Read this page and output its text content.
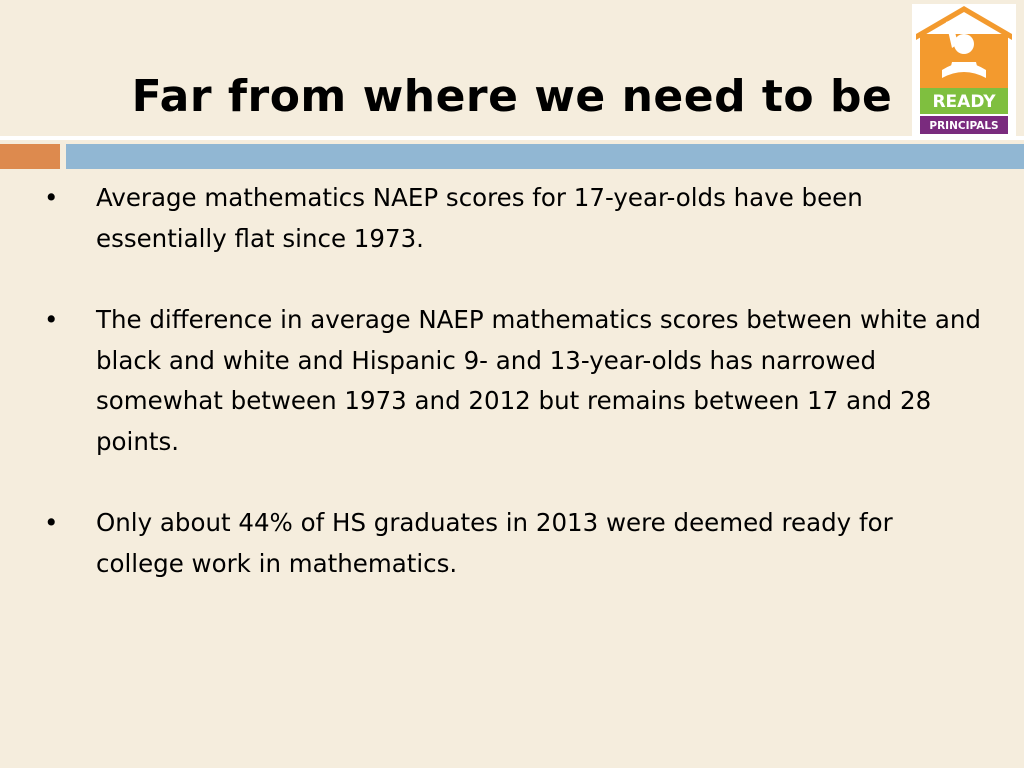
Far from where we need to be	READY
PRINCIPALS
• Average mathematics NAEP scores for 17-year-olds have been essentially flat since 1973.
• The difference in average NAEP mathematics scores between white and black and white and Hispanic 9- and 13-year-olds has narrowed somewhat between 1973 and 2012 but remains between 17 and 28 points.
• Only about 44% of HS graduates in 2013 were deemed ready for college work in mathematics.
